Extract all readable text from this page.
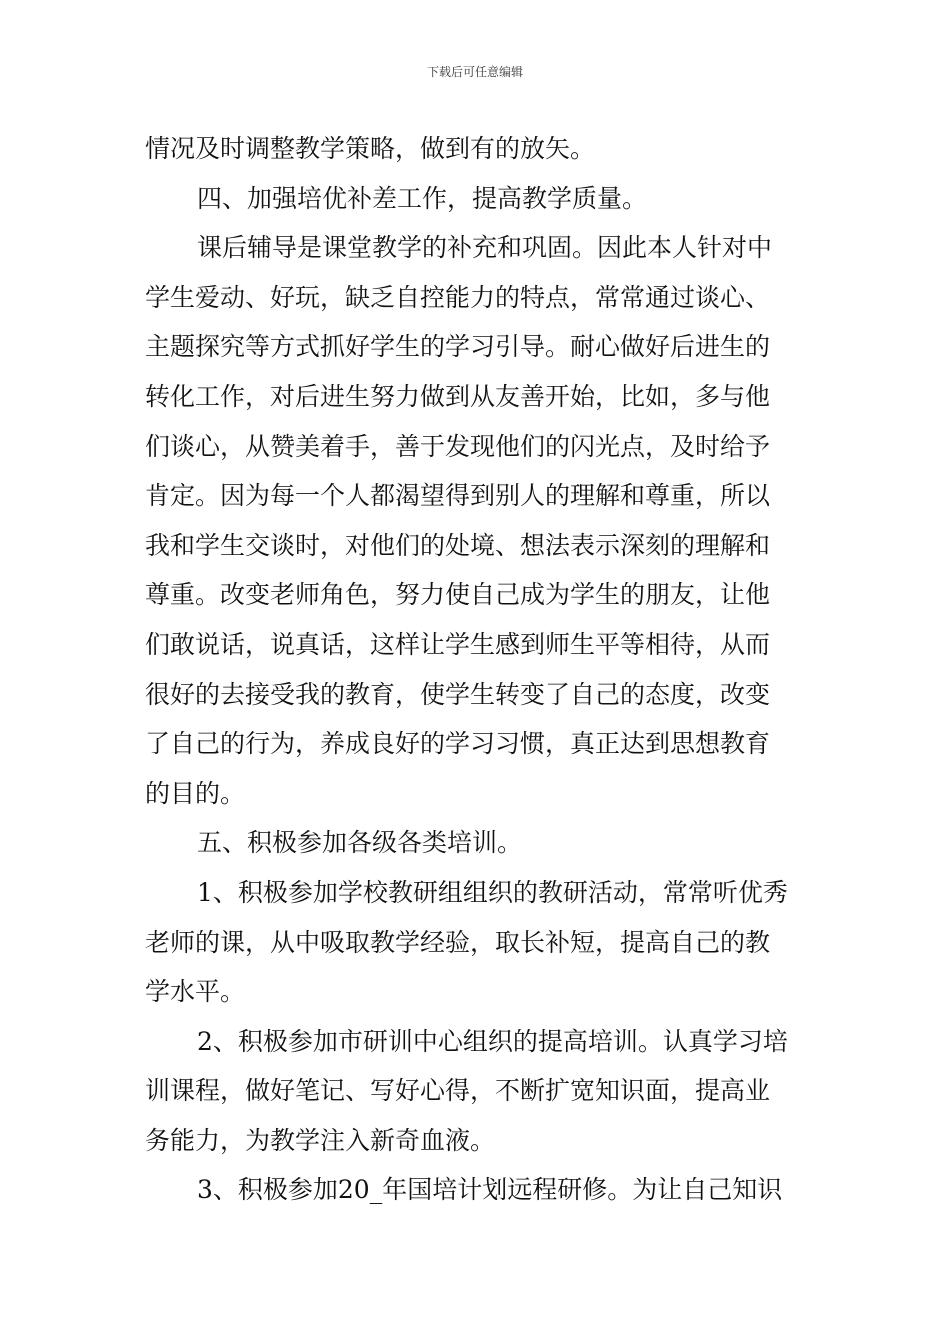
下载后可任意编辑
情况及时调整教学策略，做到有的放矢。
四、加强培优补差工作，提高教学质量。
课后辅导是课堂教学的补充和巩固。因此本人针对中
学生爱动、好玩，缺乏自控能力的特点，常常通过谈心、
主题探究等方式抓好学生的学习引导。耐心做好后进生的
转化工作，对后进生努力做到从友善开始，比如，多与他
们谈心，从赞美着手，善于发现他们的闪光点，及时给予
肯定。因为每一个人都渴望得到别人的理解和尊重，所以
我和学生交谈时，对他们的处境、想法表示深刻的理解和
尊重。改变老师角色，努力使自己成为学生的朋友，让他
们敢说话，说真话，这样让学生感到师生平等相待，从而
很好的去接受我的教育，使学生转变了自己的态度，改变
了自己的行为，养成良好的学习习惯，真正达到思想教育
的目的。
五、积极参加各级各类培训。
1、积极参加学校教研组组织的教研活动，常常听优秀
老师的课，从中吸取教学经验，取长补短，提高自己的教
学水平。
2、积极参加市研训中心组织的提高培训。认真学习培
训课程，做好笔记、写好心得，不断扩宽知识面，提高业
务能力，为教学注入新奇血液。
3、积极参加20_年国培计划远程研修。为让自己知识
